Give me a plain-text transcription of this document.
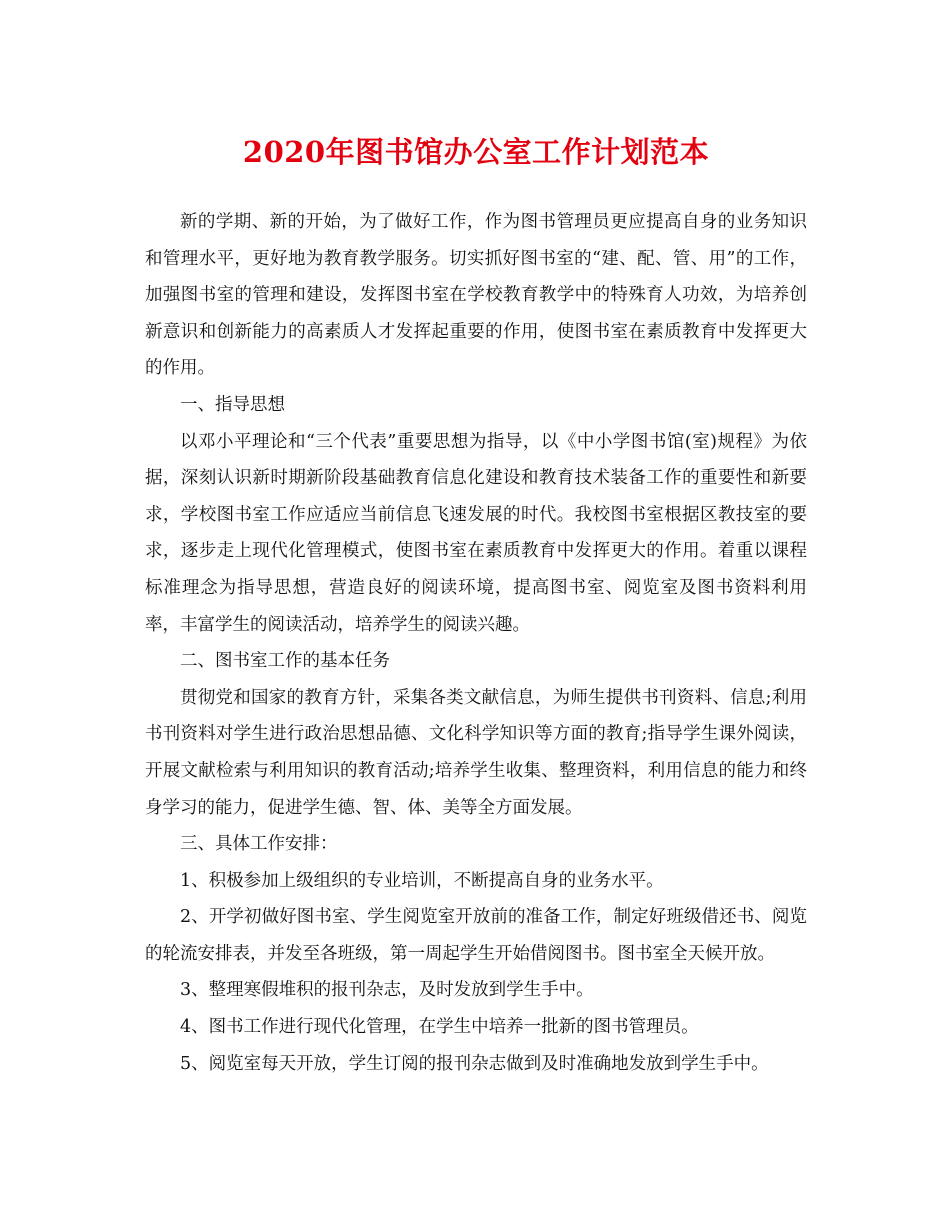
2020年图书馆办公室工作计划范本

新的学期、新的开始，为了做好工作，作为图书管理员更应提高自身的业务知识和管理水平，更好地为教育教学服务。切实抓好图书室的“建、配、管、用”的工作，加强图书室的管理和建设，发挥图书室在学校教育教学中的特殊育人功效，为培养创新意识和创新能力的高素质人才发挥起重要的作用，使图书室在素质教育中发挥更大的作用。

一、指导思想

以邓小平理论和“三个代表”重要思想为指导，以《中小学图书馆(室)规程》为依据，深刻认识新时期新阶段基础教育信息化建设和教育技术装备工作的重要性和新要求，学校图书室工作应适应当前信息飞速发展的时代。我校图书室根据区教技室的要求，逐步走上现代化管理模式，使图书室在素质教育中发挥更大的作用。着重以课程标准理念为指导思想，营造良好的阅读环境，提高图书室、阅览室及图书资料利用率，丰富学生的阅读活动，培养学生的阅读兴趣。

二、图书室工作的基本任务

贯彻党和国家的教育方针，采集各类文献信息，为师生提供书刊资料、信息;利用书刊资料对学生进行政治思想品德、文化科学知识等方面的教育;指导学生课外阅读，开展文献检索与利用知识的教育活动;培养学生收集、整理资料，利用信息的能力和终身学习的能力，促进学生德、智、体、美等全方面发展。

三、具体工作安排：

1、积极参加上级组织的专业培训，不断提高自身的业务水平。

2、开学初做好图书室、学生阅览室开放前的准备工作，制定好班级借还书、阅览的轮流安排表，并发至各班级，第一周起学生开始借阅图书。图书室全天候开放。

3、整理寒假堆积的报刊杂志，及时发放到学生手中。

4、图书工作进行现代化管理，在学生中培养一批新的图书管理员。

5、阅览室每天开放，学生订阅的报刊杂志做到及时准确地发放到学生手中。
